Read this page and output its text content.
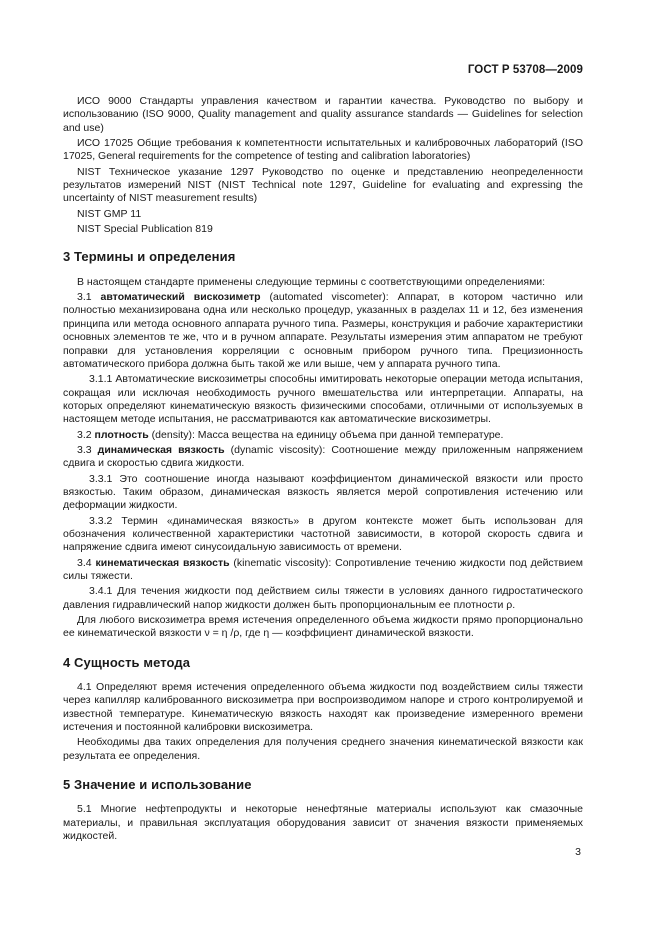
ГОСТ Р 53708—2009

ИСО 9000 Стандарты управления качеством и гарантии качества. Руководство по выбору и использованию (ISO 9000, Quality management and quality assurance standards — Guidelines for selection and use)

ИСО 17025 Общие требования к компетентности испытательных и калибровочных лабораторий (ISO 17025, General requirements for the competence of testing and calibration laboratories)

NIST Техническое указание 1297 Руководство по оценке и представлению неопределенности результатов измерений NIST (NIST Technical note 1297, Guideline for evaluating and expressing the uncertainty of NIST measurement results)

NIST GMP 11

NIST Special Publication 819

3 Термины и определения

В настоящем стандарте применены следующие термины с соответствующими определениями:

3.1 автоматический вискозиметр (automated viscometer): Аппарат, в котором частично или полностью механизирована одна или несколько процедур, указанных в разделах 11 и 12, без изменения принципа или метода основного аппарата ручного типа. Размеры, конструкция и рабочие характеристики основных элементов те же, что и в ручном аппарате. Результаты измерения этим аппаратом не требуют поправки для установления корреляции с основным прибором ручного типа. Прецизионность автоматического прибора должна быть такой же или выше, чем у аппарата ручного типа.

3.1.1 Автоматические вискозиметры способны имитировать некоторые операции метода испытания, сокращая или исключая необходимость ручного вмешательства или интерпретации. Аппараты, на которых определяют кинематическую вязкость физическими способами, отличными от используемых в настоящем методе испытания, не рассматриваются как автоматические вискозиметры.

3.2 плотность (density): Масса вещества на единицу объема при данной температуре.

3.3 динамическая вязкость (dynamic viscosity): Соотношение между приложенным напряжением сдвига и скоростью сдвига жидкости.

3.3.1 Это соотношение иногда называют коэффициентом динамической вязкости или просто вязкостью. Таким образом, динамическая вязкость является мерой сопротивления истечению или деформации жидкости.

3.3.2 Термин «динамическая вязкость» в другом контексте может быть использован для обозначения количественной характеристики частотной зависимости, в которой скорость сдвига и напряжение сдвига имеют синусоидальную зависимость от времени.

3.4 кинематическая вязкость (kinematic viscosity): Сопротивление течению жидкости под действием силы тяжести.

3.4.1 Для течения жидкости под действием силы тяжести в условиях данного гидростатического давления гидравлический напор жидкости должен быть пропорциональным ее плотности ρ.

Для любого вискозиметра время истечения определенного объема жидкости прямо пропорционально ее кинематической вязкости ν = η /ρ, где η — коэффициент динамической вязкости.

4 Сущность метода

4.1 Определяют время истечения определенного объема жидкости под воздействием силы тяжести через капилляр калиброванного вискозиметра при воспроизводимом напоре и строго контролируемой и известной температуре. Кинематическую вязкость находят как произведение измеренного времени истечения и постоянной калибровки вискозиметра.

Необходимы два таких определения для получения среднего значения кинематической вязкости как результата ее определения.

5 Значение и использование

5.1 Многие нефтепродукты и некоторые ненефтяные материалы используют как смазочные материалы, и правильная эксплуатация оборудования зависит от значения вязкости применяемых жидкостей.

3
